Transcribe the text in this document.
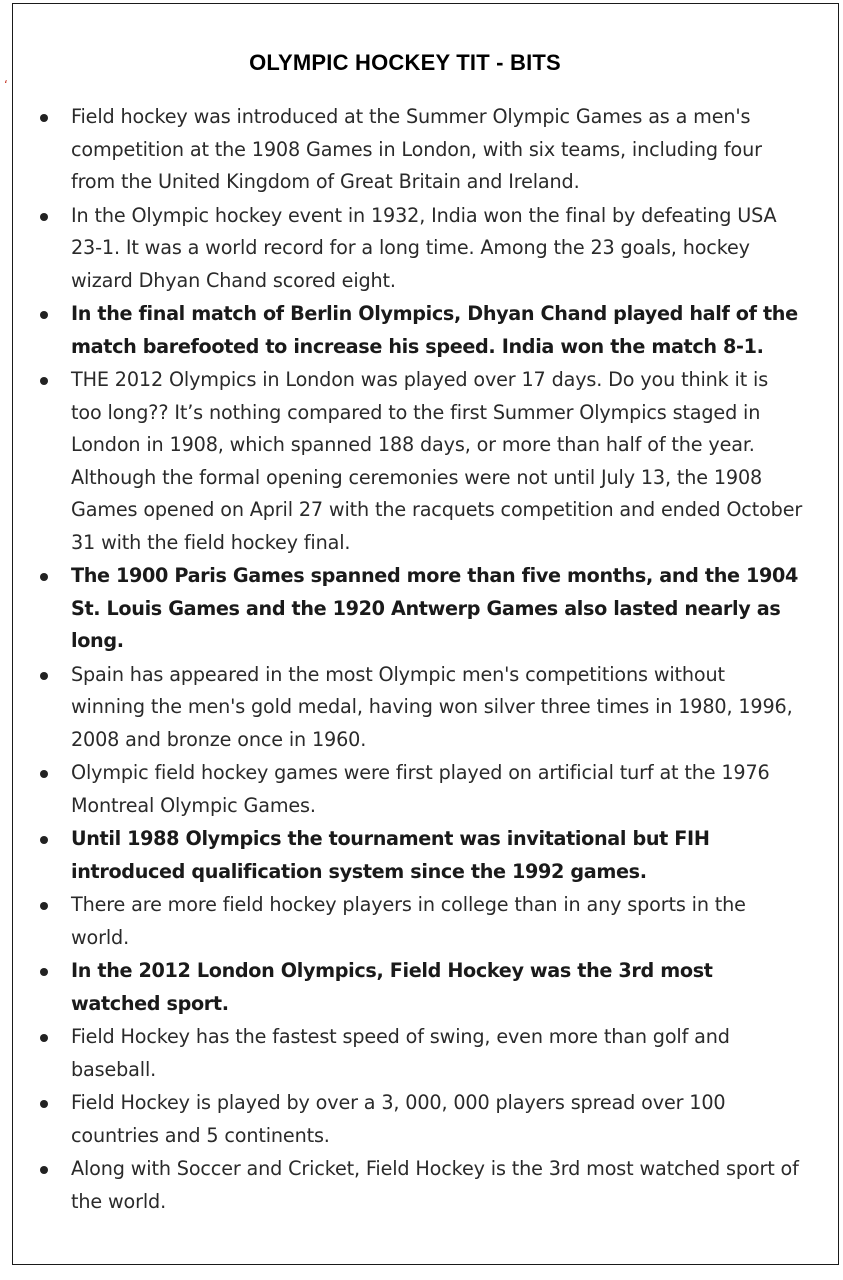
‘
OLYMPIC HOCKEY TIT - BITS
Field hockey was introduced at the Summer Olympic Games as a men's competition at the 1908 Games in London, with six teams, including four from the United Kingdom of Great Britain and Ireland.
In the Olympic hockey event in 1932, India won the final by defeating USA 23-1. It was a world record for a long time. Among the 23 goals, hockey wizard Dhyan Chand scored eight.
In the final match of Berlin Olympics, Dhyan Chand played half of the match barefooted to increase his speed. India won the match 8-1.
THE 2012 Olympics in London was played over 17 days. Do you think it is too long?? It’s nothing compared to the first Summer Olympics staged in London in 1908, which spanned 188 days, or more than half of the year. Although the formal opening ceremonies were not until July 13, the 1908 Games opened on April 27 with the racquets competition and ended October 31 with the field hockey final.
The 1900 Paris Games spanned more than five months, and the 1904 St. Louis Games and the 1920 Antwerp Games also lasted nearly as long.
Spain has appeared in the most Olympic men's competitions without winning the men's gold medal, having won silver three times in 1980, 1996, 2008 and bronze once in 1960.
Olympic field hockey games were first played on artificial turf at the 1976 Montreal Olympic Games.
Until 1988 Olympics the tournament was invitational but FIH introduced qualification system since the 1992 games.
There are more field hockey players in college than in any sports in the world.
In the 2012 London Olympics, Field Hockey was the 3rd most watched sport.
Field Hockey has the fastest speed of swing, even more than golf and baseball.
Field Hockey is played by over a 3, 000, 000 players spread over 100 countries and 5 continents.
Along with Soccer and Cricket, Field Hockey is the 3rd most watched sport of the world.
